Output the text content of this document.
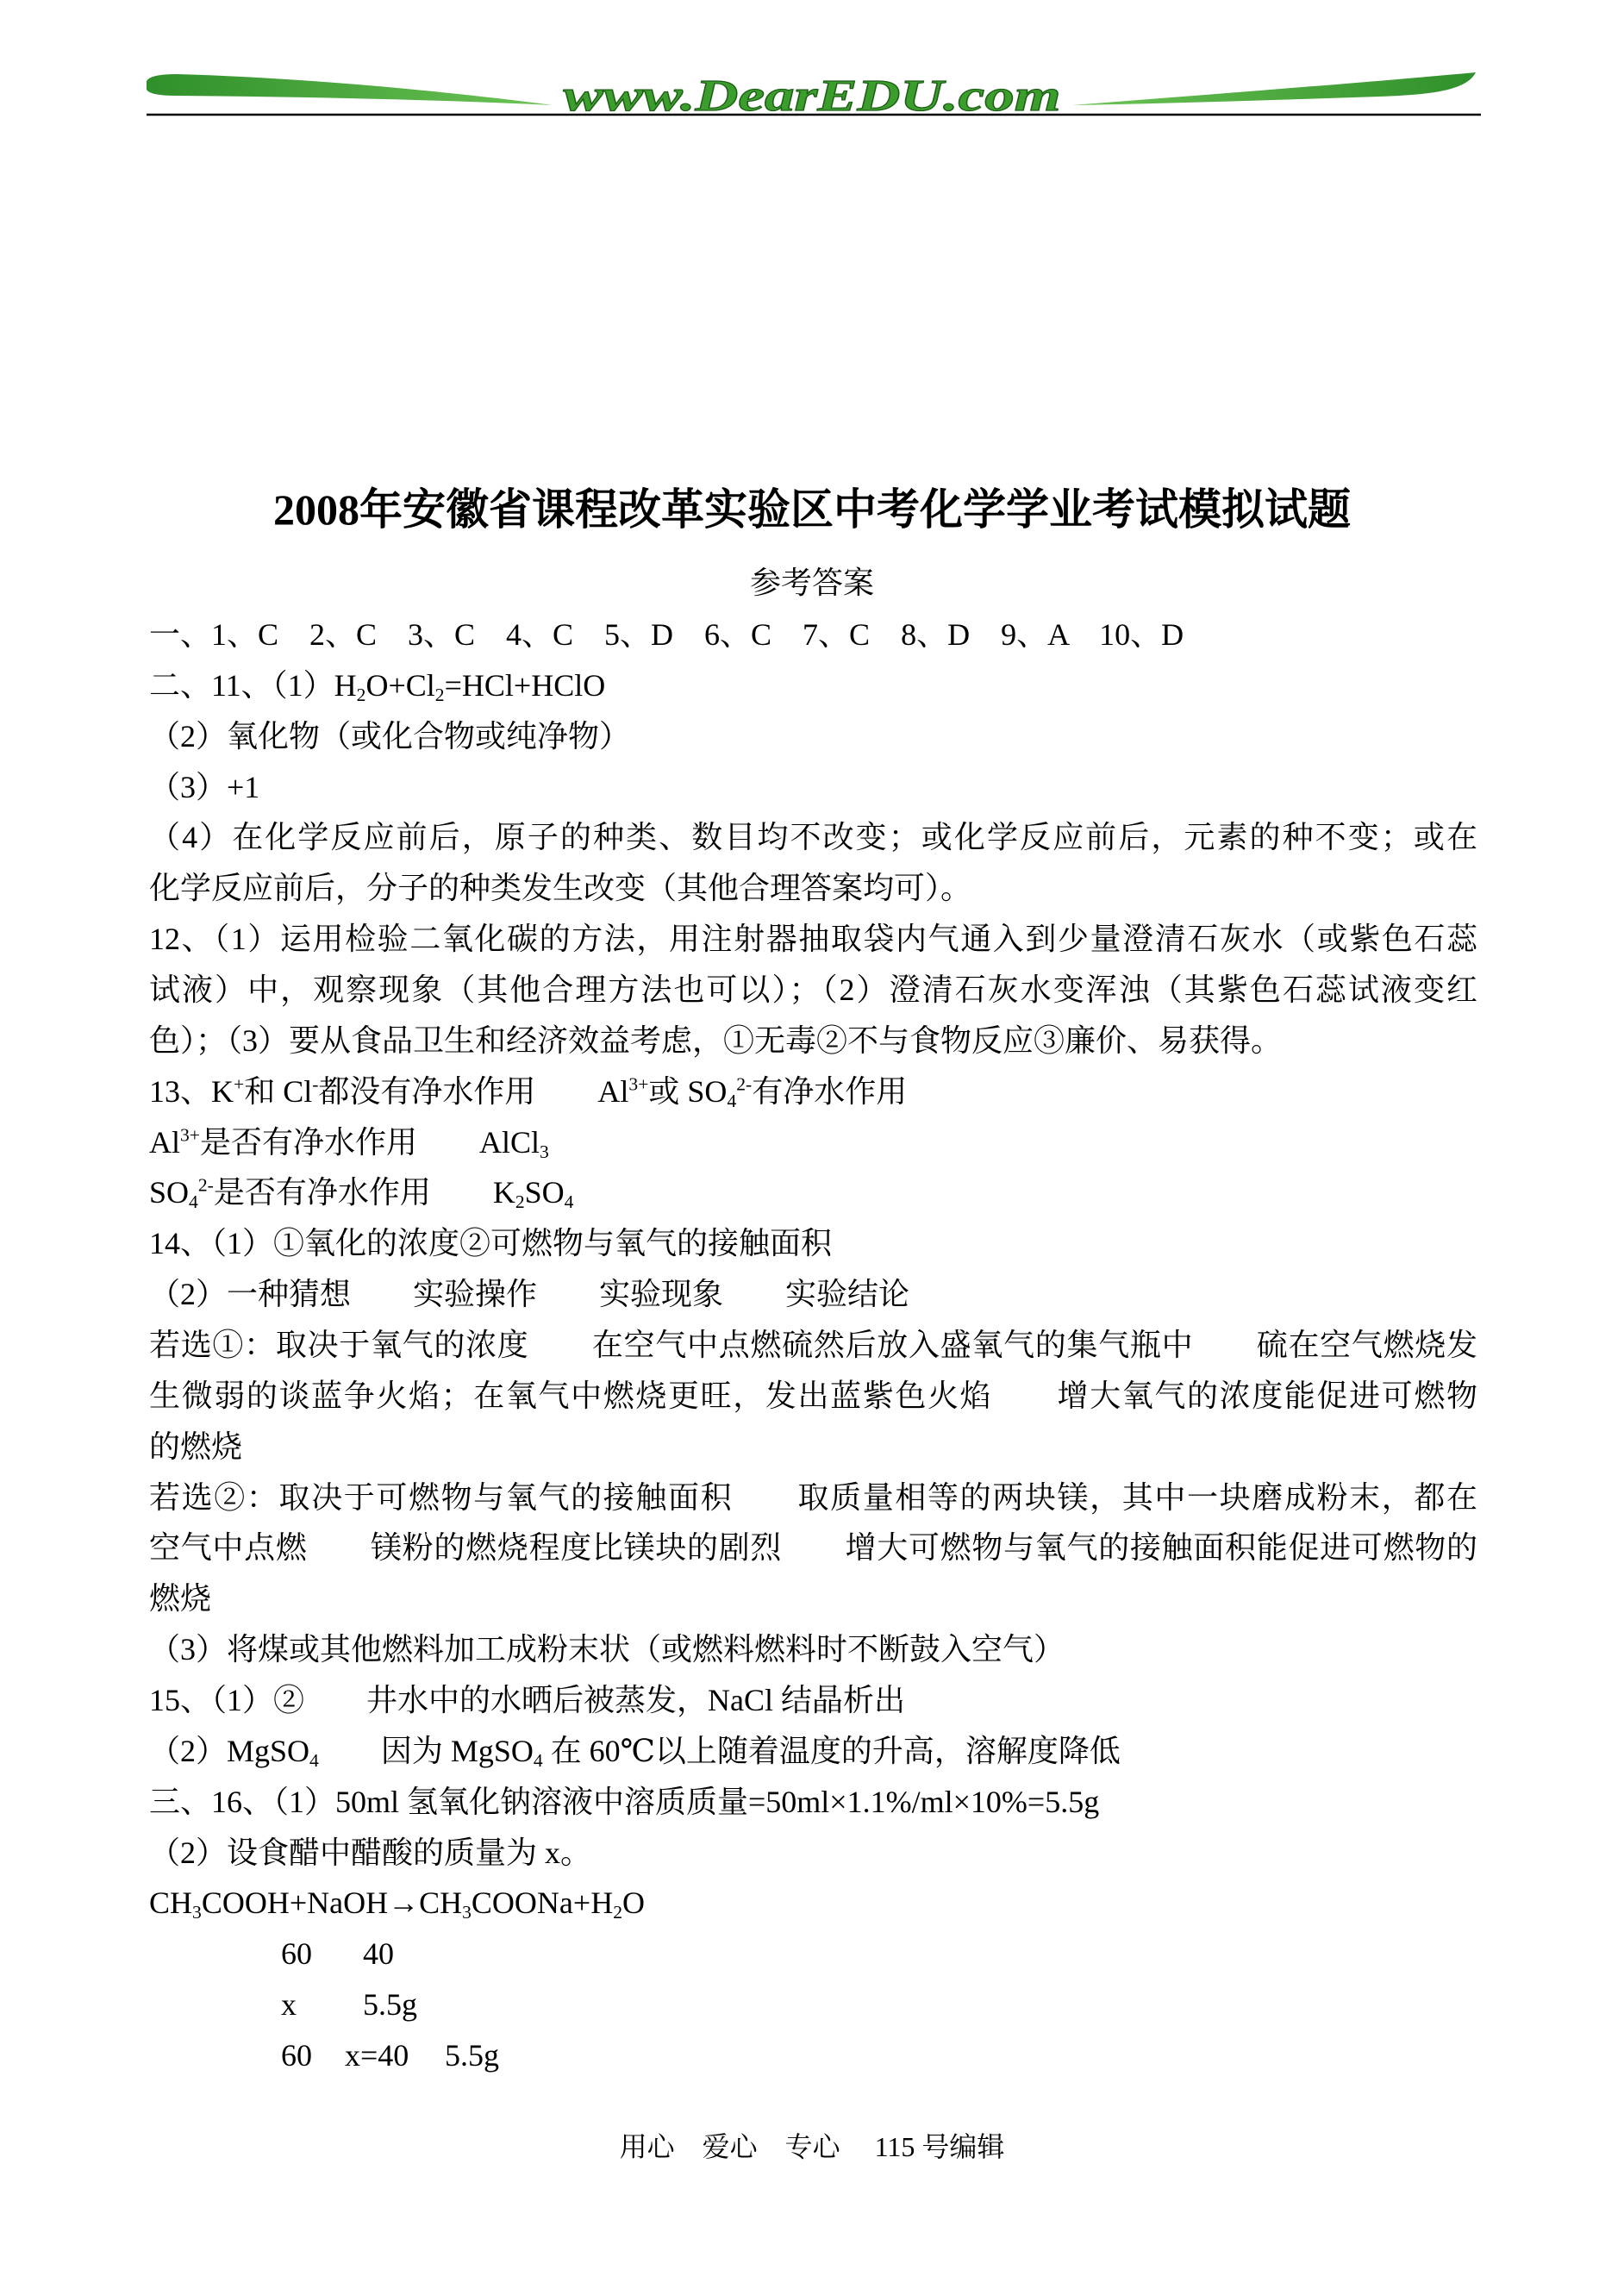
www.DearEDU.com
2008年安徽省课程改革实验区中考化学学业考试模拟试题
参考答案
一、1、C　2、C　3、C　4、C　5、D　6、C　7、C　8、D　9、A　10、D
二、11、$(1)H_2O+Cl_2=HCl+HClO$
（2）氧化物（或化合物或纯净物）
（3）+1
（4）在化学反应前后，原子的种类、数目均不改变；或化学反应前后，元素的种不变；或在
化学反应前后，分子的种类发生改变（其他合理答案均可）。
12、（1）运用检验二氧化碳的方法，用注射器抽取袋内气通入到少量澄清石灰水（或紫色石蕊
试液）中，观察现象（其他合理方法也可以）；（2）澄清石灰水变浑浊（其紫色石蕊试液变红
色）；（3）要从食品卫生和经济效益考虑，①无毒②不与食物反应③廉价、易获得。
13、K+和 Cl-都没有净水作用　　$Al^{3+}$或 $SO_4^{2-}$有净水作用
$Al^{3+}$是否有净水作用　　AlCl$_3$
$SO_4^{2-}$是否有净水作用　　$K_2SO_4$
14、（1）①氧化的浓度②可燃物与氧气的接触面积
（2）一种猜想　　实验操作　　实验现象　　实验结论
若选①：取决于氧气的浓度　　在空气中点燃硫然后放入盛氧气的集气瓶中　　硫在空气燃烧发
生微弱的谈蓝争火焰；在氧气中燃烧更旺，发出蓝紫色火焰　　增大氧气的浓度能促进可燃物
的燃烧
若选②：取决于可燃物与氧气的接触面积　　取质量相等的两块镁，其中一块磨成粉末，都在
空气中点燃　　镁粉的燃烧程度比镁块的剧烈　　增大可燃物与氧气的接触面积能促进可燃物的
燃烧
（3）将煤或其他燃料加工成粉末状（或燃料燃料时不断鼓入空气）
15、（1）②　　井水中的水晒后被蒸发，NaCl 结晶析出
（2）MgSO$_4$　　因为 MgSO$_4$ 在 60℃以上随着温度的升高，溶解度降低
三、16、（1）50ml 氢氧化钠溶液中溶质质量=50ml×1.1%/ml×10%=5.5g
（2）设食醋中醋酸的质量为 x。
$CH_3COOH+NaOH\to CH_3COONa+H_2O$
60 40
x 5.5g
60 x=40 5.5g
用心　爱心　专心　 115 号编辑
